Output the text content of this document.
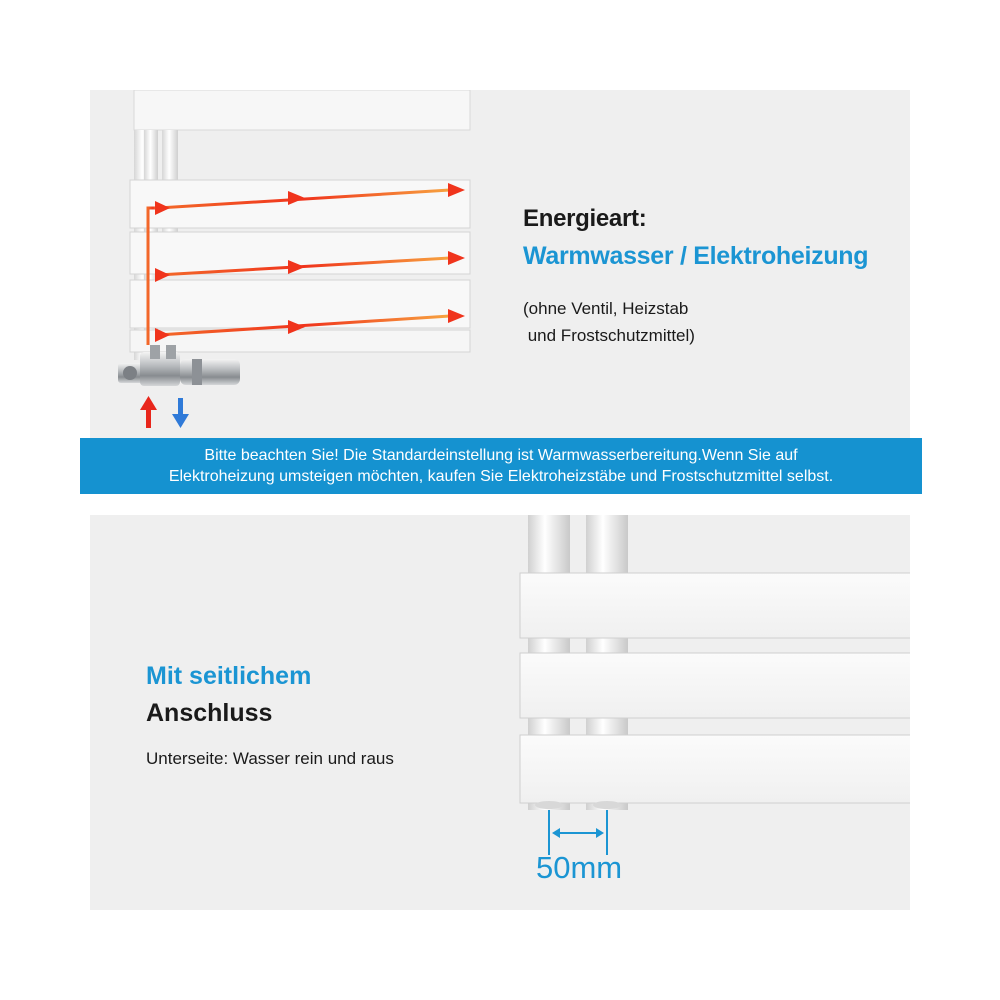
Energieart:
Warmwasser / Elektroheizung
(ohne Ventil, Heizstab
und Frostschutzmittel)
Bitte beachten Sie! Die Standardeinstellung ist Warmwasserbereitung.Wenn Sie auf
Elektroheizung umsteigen möchten, kaufen Sie Elektroheizstäbe und Frostschutzmittel selbst.
Mit seitlichem
Anschluss
Unterseite: Wasser rein und raus
50mm
